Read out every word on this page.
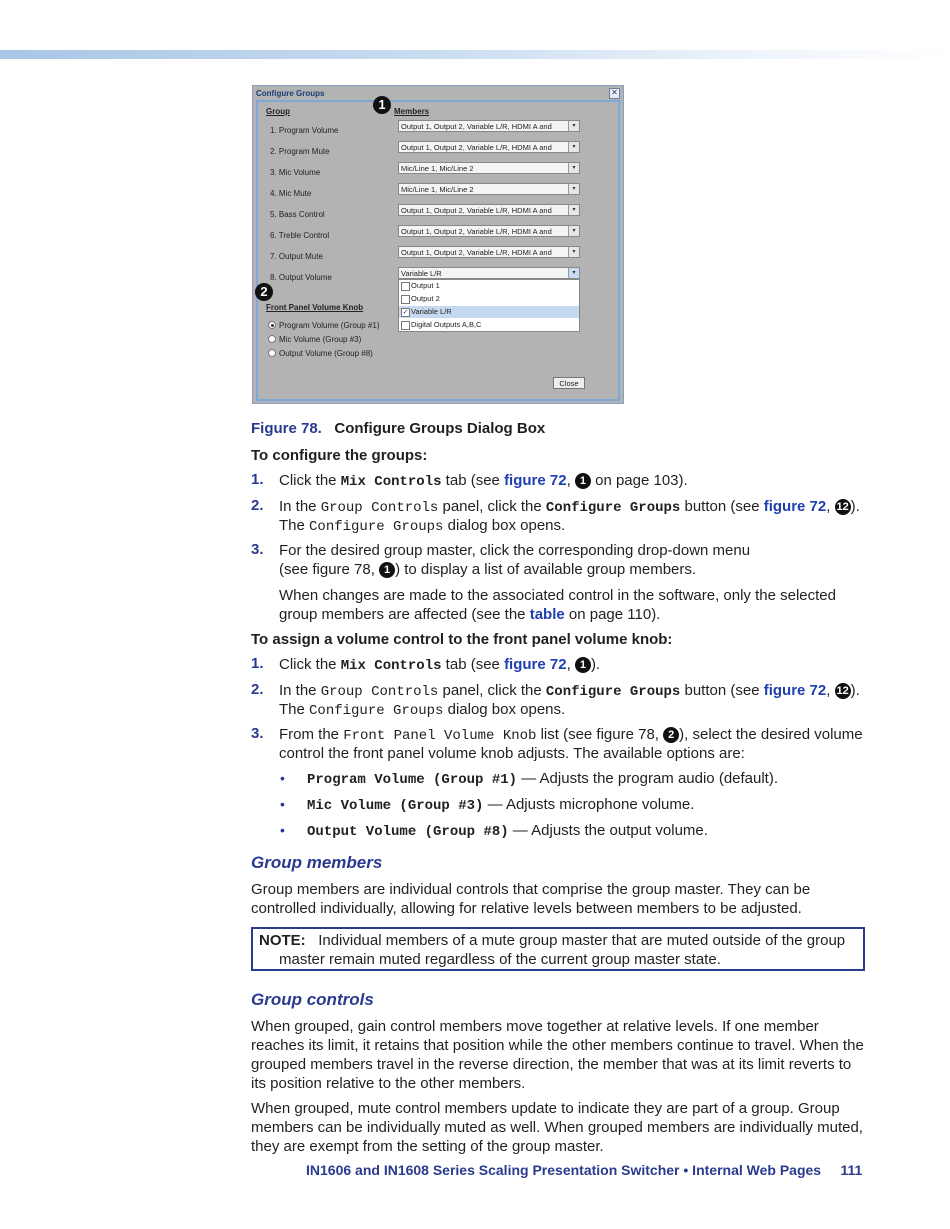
Configure Groups	✕
Group	Members
1. Program Volume	Output 1, Output 2, Variable L/R, HDMI A and	▾
2. Program Mute	Output 1, Output 2, Variable L/R, HDMI A and	▾
3. Mic Volume	Mic/Line 1, Mic/Line 2	▾
4. Mic Mute	Mic/Line 1, Mic/Line 2	▾
5. Bass Control	Output 1, Output 2, Variable L/R, HDMI A and	▾
6. Treble Control	Output 1, Output 2, Variable L/R, HDMI A and	▾
7. Output Mute	Output 1, Output 2, Variable L/R, HDMI A and	▾
8. Output Volume	Variable L/R	▾
Output 1
Output 2
✓ Variable L/R
Digital Outputs A,B,C
Front Panel Volume Knob
Program Volume (Group #1)
Mic Volume (Group #3)
Output Volume (Group #8)
Close
1
2
Figure 78. Configure Groups Dialog Box
To configure the groups:
1. Click the Mix Controls tab (see figure 72, 1 on page 103).
2. In the Group Controls panel, click the Configure Groups button (see figure 72, 12 ).
The Configure Groups dialog box opens.
3. For the desired group master, click the corresponding drop-down menu
(see figure 78, 1 ) to display a list of available group members.
When changes are made to the associated control in the software, only the selected
group members are affected (see the table on page 110).
To assign a volume control to the front panel volume knob:
1. Click the Mix Controls tab (see figure 72, 1 ).
2. In the Group Controls panel, click the Configure Groups button (see figure 72, 12 ).
The Configure Groups dialog box opens.
3. From the Front Panel Volume Knob list (see figure 78, 2 ), select the desired volume
control the front panel volume knob adjusts. The available options are:
• Program Volume (Group #1) — Adjusts the program audio (default).
• Mic Volume (Group #3) — Adjusts microphone volume.
• Output Volume (Group #8) — Adjusts the output volume.
Group members
Group members are individual controls that comprise the group master. They can be
controlled individually, allowing for relative levels between members to be adjusted.
NOTE: Individual members of a mute group master that are muted outside of the group
master remain muted regardless of the current group master state.
Group controls
When grouped, gain control members move together at relative levels. If one member
reaches its limit, it retains that position while the other members continue to travel. When the
grouped members travel in the reverse direction, the member that was at its limit reverts to
its position relative to the other members.
When grouped, mute control members update to indicate they are part of a group. Group
members can be individually muted as well. When grouped members are individually muted,
they are exempt from the setting of the group master.
IN1606 and IN1608 Series Scaling Presentation Switcher • Internal Web Pages 111
